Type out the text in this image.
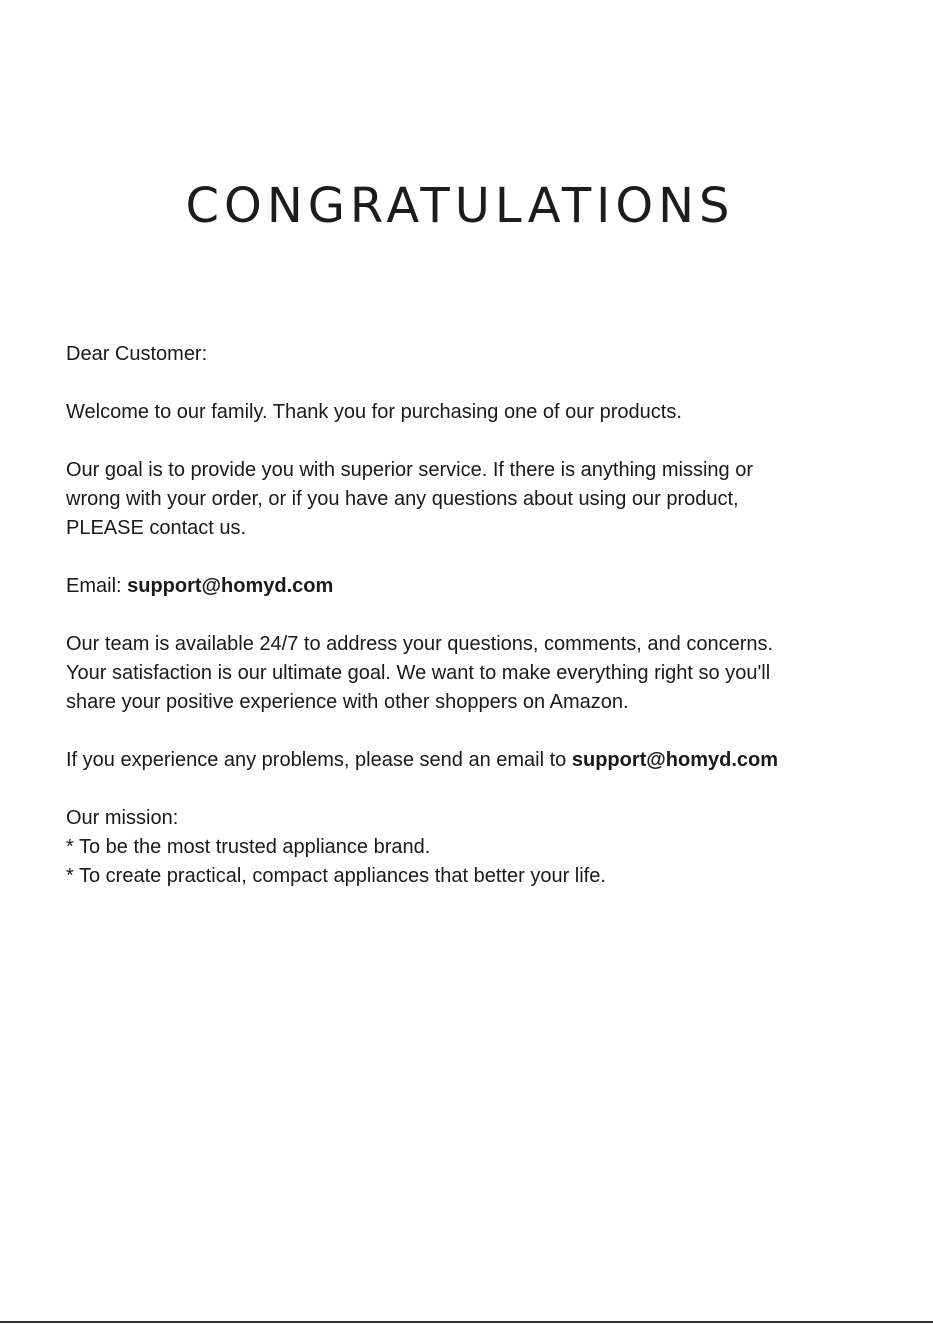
CONGRATULATIONS

Dear Customer:

Welcome to our family. Thank you for purchasing one of our products.

Our goal is to provide you with superior service. If there is anything missing or

wrong with your order, or if you have any questions about using our product,

PLEASE contact us.

Email: support@homyd.com

Our team is available 24/7 to address your questions, comments, and concerns.

Your satisfaction is our ultimate goal. We want to make everything right so you'll

share your positive experience with other shoppers on Amazon.

If you experience any problems, please send an email to support@homyd.com

Our mission:

* To be the most trusted appliance brand.

* To create practical, compact appliances that better your life.
